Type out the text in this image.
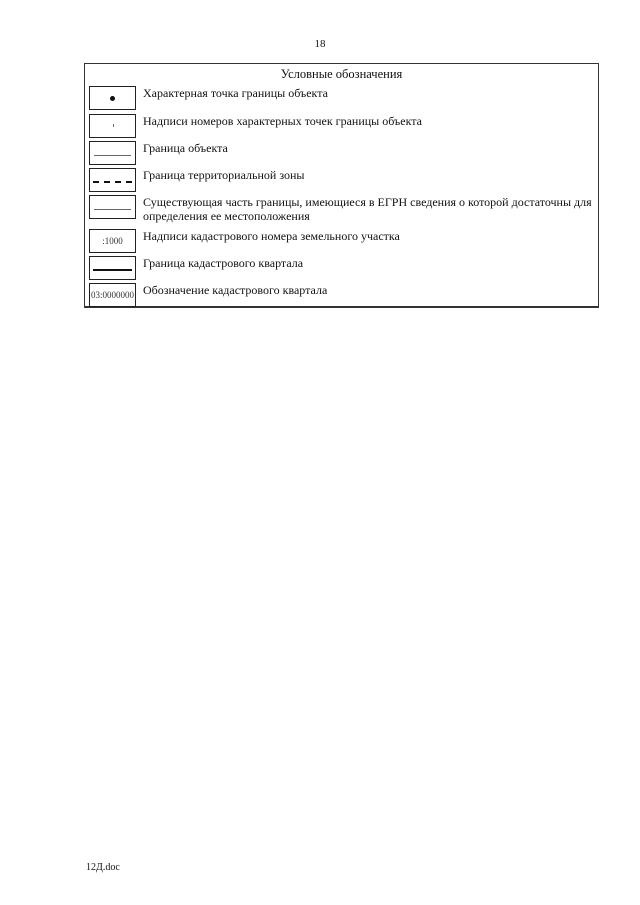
18
Условные обозначения
Характерная точка границы объекта
Надписи номеров характерных точек границы объекта
Граница объекта
Граница территориальной зоны
Существующая часть границы, имеющиеся в ЕГРН сведения о которой достаточны для определения ее местоположения
:1000	Надписи кадастрового номера земельного участка
Граница кадастрового квартала
03:0000000 Обозначение кадастрового квартала
12Д.doc
